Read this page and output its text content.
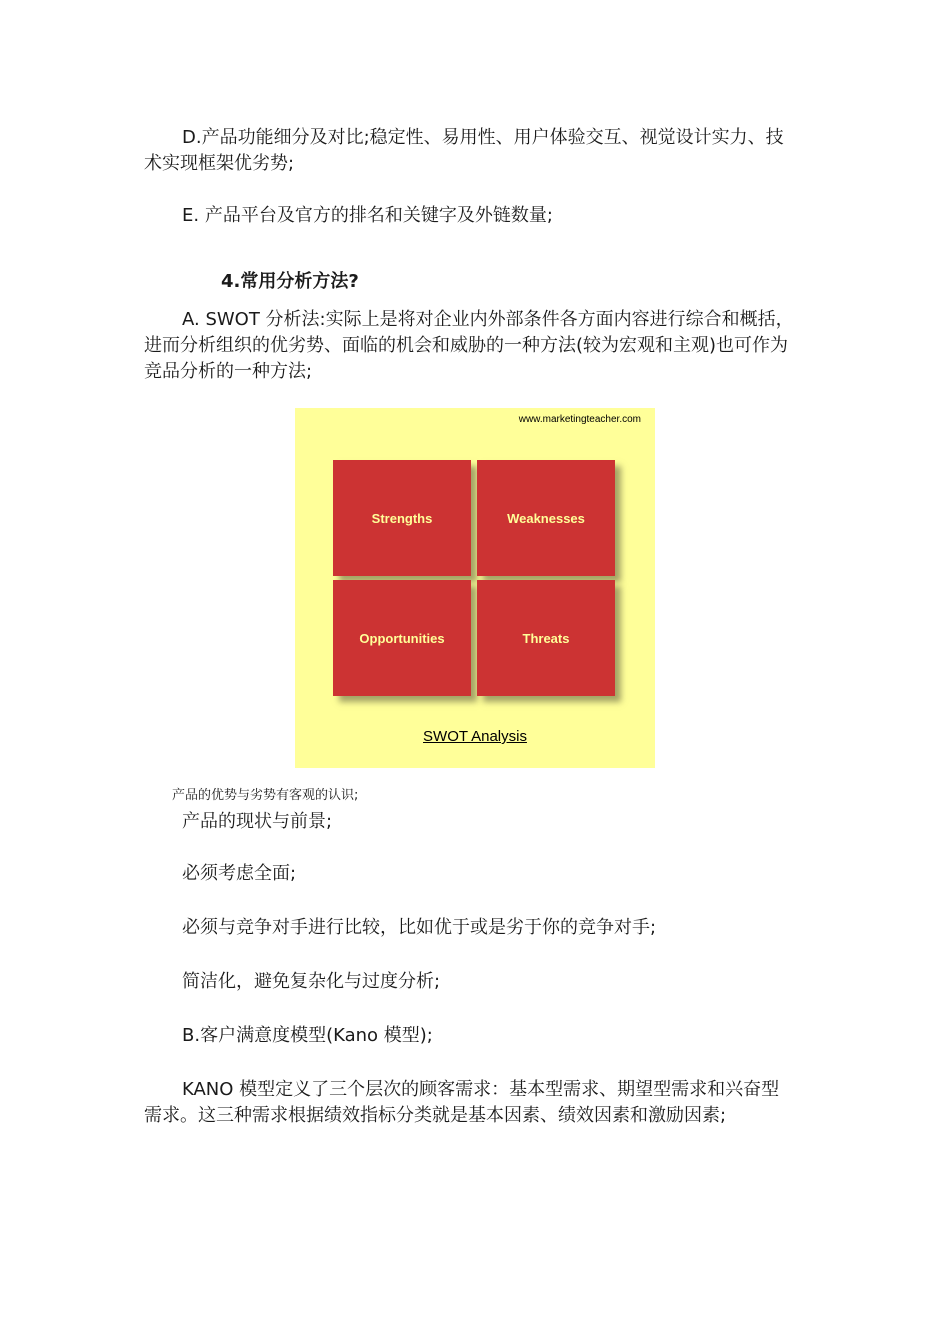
D.产品功能细分及对比;稳定性、易用性、用户体验交互、视觉设计实力、技

术实现框架优劣势;

E. 产品平台及官方的排名和关键字及外链数量;

4.常用分析方法?

A. SWOT 分析法:实际上是将对企业内外部条件各方面内容进行综合和概括，

进而分析组织的优劣势、面临的机会和威胁的一种方法(较为宏观和主观)也可作为

竞品分析的一种方法;

www.marketingteacher.com
Strengths	Weaknesses
Opportunities	Threats
SWOT Analysis

产品的优势与劣势有客观的认识;

产品的现状与前景;

必须考虑全面;

必须与竞争对手进行比较，比如优于或是劣于你的竞争对手;

简洁化，避免复杂化与过度分析;

B.客户满意度模型(Kano 模型);

KANO 模型定义了三个层次的顾客需求：基本型需求、期望型需求和兴奋型

需求。这三种需求根据绩效指标分类就是基本因素、绩效因素和激励因素;
